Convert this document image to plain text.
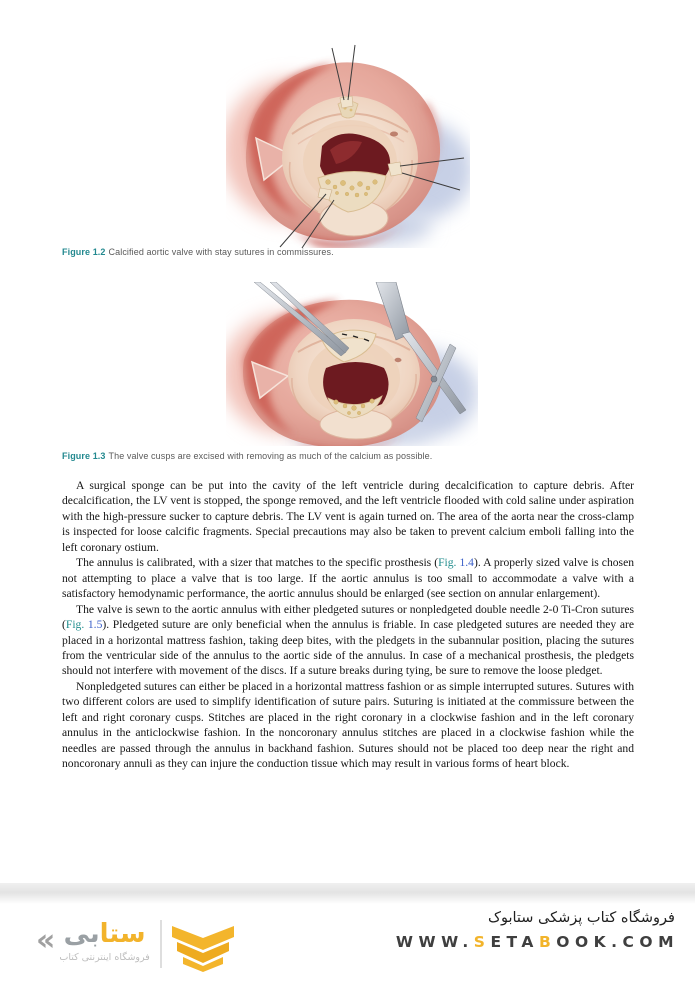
Figure 1.2 Calcified aortic valve with stay sutures in commissures.
Figure 1.3 The valve cusps are excised with removing as much of the calcium as possible.

A surgical sponge can be put into the cavity of the left ventricle during decalcification to capture debris. After decalcification, the LV vent is stopped, the sponge removed, and the left ventricle flooded with cold saline under aspiration with the high-pressure sucker to capture debris. The LV vent is again turned on. The area of the aorta near the cross-clamp is inspected for loose calcific fragments. Special precautions may also be taken to prevent calcium emboli falling into the left coronary ostium.

The annulus is calibrated, with a sizer that matches to the specific prosthesis (Fig. 1.4). A properly sized valve is chosen not attempting to place a valve that is too large. If the aortic annulus is too small to accommodate a valve with a satisfactory hemodynamic performance, the aortic annulus should be enlarged (see section on annular enlargement).

The valve is sewn to the aortic annulus with either pledgeted sutures or nonpledgeted double needle 2-0 Ti-Cron sutures (Fig. 1.5). Pledgeted suture are only beneficial when the annulus is friable. In case pledgeted sutures are needed they are placed in a horizontal mattress fashion, taking deep bites, with the pledgets in the subannular position, placing the sutures from the ventricular side of the annulus to the aortic side of the annulus. In case of a mechanical prosthesis, the pledgets should not interfere with movement of the discs. If a suture breaks during tying, be sure to remove the loose pledget.

Nonpledgeted sutures can either be placed in a horizontal mattress fashion or as simple interrupted sutures. Sutures with two different colors are used to simplify identification of suture pairs. Suturing is initiated at the commissure between the left and right coronary cusps. Stitches are placed in the right coronary in a clockwise fashion and in the left coronary annulus in the anticlockwise fashion. In the noncoronary annulus stitches are placed in a clockwise fashion while the needles are passed through the annulus in backhand fashion. Sutures should not be placed too deep near the right and noncoronary annuli as they can injure the conduction tissue which may result in various forms of heart block.

«	ستابی
فروشگاه اینترنتی کتاب
فروشگاه کتاب پزشکی ستابوک
WWW.SETABOOK.COM
